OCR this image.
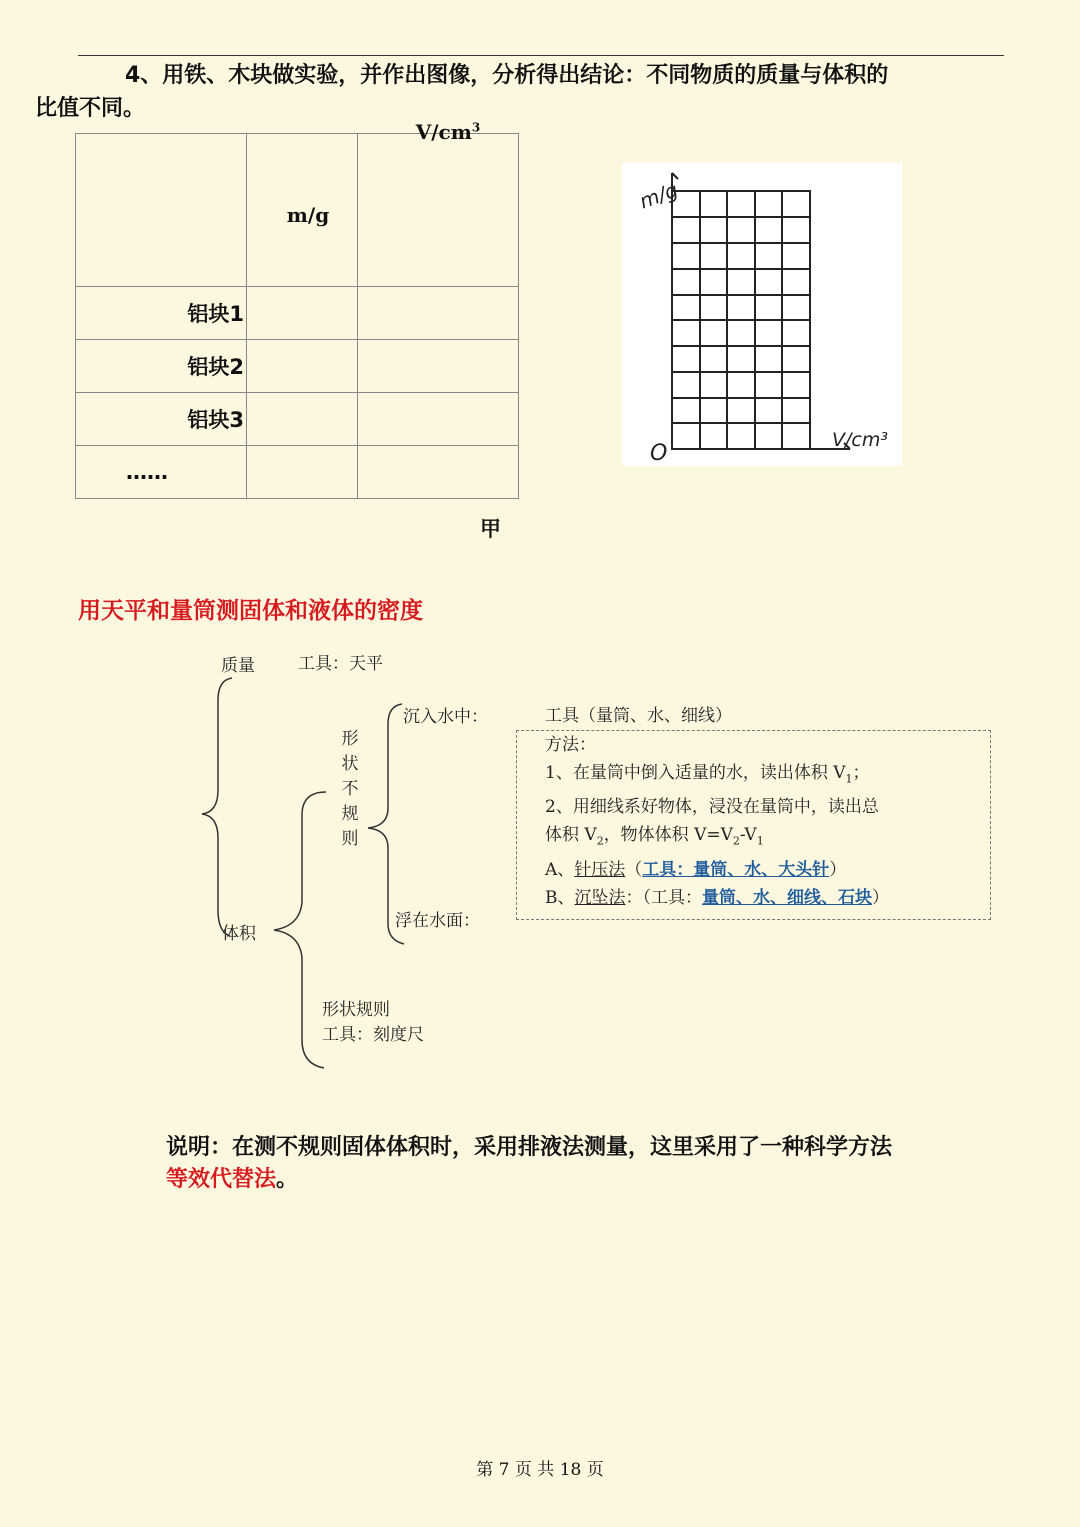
4、用铁、木块做实验，并作出图像，分析得出结论：不同物质的质量与体积的
比值不同。

	m/g	$V/cm^3$

铝块1		
铝块2		
铝块3		
……		
m/g
V/cm³
O
甲
用天平和量筒测固体和液体的密度
质量	工具：天平
体积
形
状
不
规
则
沉入水中：
浮在水面：
形状规则
工具：刻度尺
工具（量筒、水、细线）
方法：
1、在量筒中倒入适量的水，读出体积 $V_1$；
2、用细线系好物体，浸没在量筒中，读出总
体积 $V_2$，物体体积 $V=V_2-V_1$
A、针压法（工具：量筒、水、大头针）
B、沉坠法：（工具：量筒、水、细线、石块）
说明：在测不规则固体体积时，采用排液法测量，这里采用了一种科学方法
等效代替法。
第 7 页 共 18 页
